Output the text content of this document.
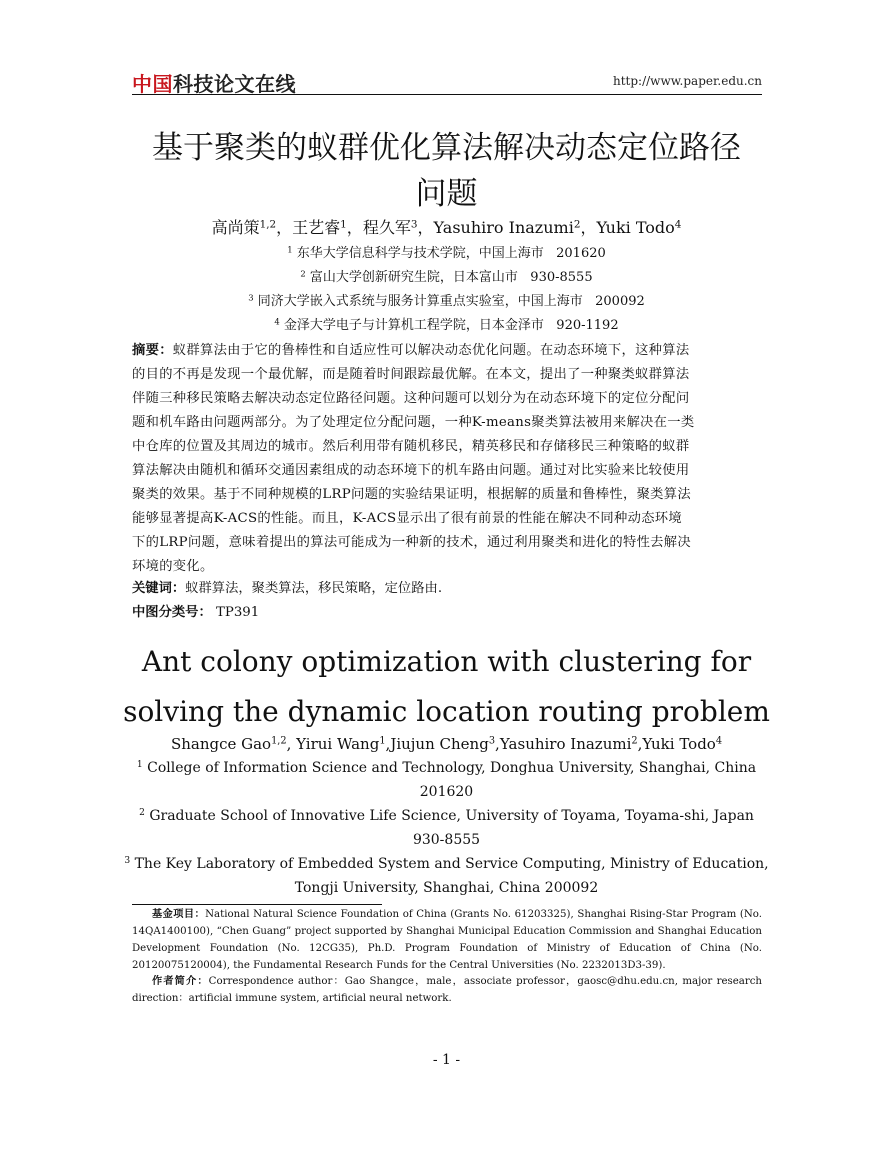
中国科技论文在线	http://www.paper.edu.cn
基于聚类的蚁群优化算法解决动态定位路径
问题
高尚策$^{1,2}$，王艺睿$^1$，程久军$^3$，Yasuhiro Inazumi$^2$，Yuki Todo$^4$
$^1$ 东华大学信息科学与技术学院，中国上海市   201620
$^2$ 富山大学创新研究生院，日本富山市   930-8555
$^3$ 同济大学嵌入式系统与服务计算重点实验室，中国上海市   200092
$^4$ 金泽大学电子与计算机工程学院，日本金泽市   920-1192
摘要：蚁群算法由于它的鲁棒性和自适应性可以解决动态优化问题。在动态环境下，这种算法
的目的不再是发现一个最优解，而是随着时间跟踪最优解。在本文，提出了一种聚类蚁群算法
伴随三种移民策略去解决动态定位路径问题。这种问题可以划分为在动态环境下的定位分配问
题和机车路由问题两部分。为了处理定位分配问题，一种K-means聚类算法被用来解决在一类
中仓库的位置及其周边的城市。然后利用带有随机移民，精英移民和存储移民三种策略的蚁群
算法解决由随机和循环交通因素组成的动态环境下的机车路由问题。通过对比实验来比较使用
聚类的效果。基于不同种规模的LRP问题的实验结果证明，根据解的质量和鲁棒性，聚类算法
能够显著提高K-ACS的性能。而且，K-ACS显示出了很有前景的性能在解决不同种动态环境
下的LRP问题，意味着提出的算法可能成为一种新的技术，通过利用聚类和进化的特性去解决
环境的变化。
关键词：蚁群算法，聚类算法，移民策略，定位路由.
中图分类号： TP391
Ant colony optimization with clustering for
solving the dynamic location routing problem
Shangce Gao$^{1,2}$, Yirui Wang$^1$,Jiujun Cheng$^3$,Yasuhiro Inazumi$^2$,Yuki Todo$^4$
$^1$ College of Information Science and Technology, Donghua University, Shanghai, China
201620
$^2$ Graduate School of Innovative Life Science, University of Toyama, Toyama-shi, Japan
930-8555
$^3$ The Key Laboratory of Embedded System and Service Computing, Ministry of Education,
Tongji University, Shanghai, China 200092
基金项目：National Natural Science Foundation of China (Grants No. 61203325), Shanghai Rising-Star Program (No. 14QA1400100), “Chen Guang” project supported by Shanghai Municipal Education Commission and Shanghai Education Development Foundation (No. 12CG35), Ph.D. Program Foundation of Ministry of Education of China (No. 20120075120004), the Fundamental Research Funds for the Central Universities (No. 2232013D3-39).
作者简介：Correspondence author：Gao Shangce，male，associate professor，gaosc@dhu.edu.cn, major research direction：artificial immune system, artificial neural network.
- 1 -
